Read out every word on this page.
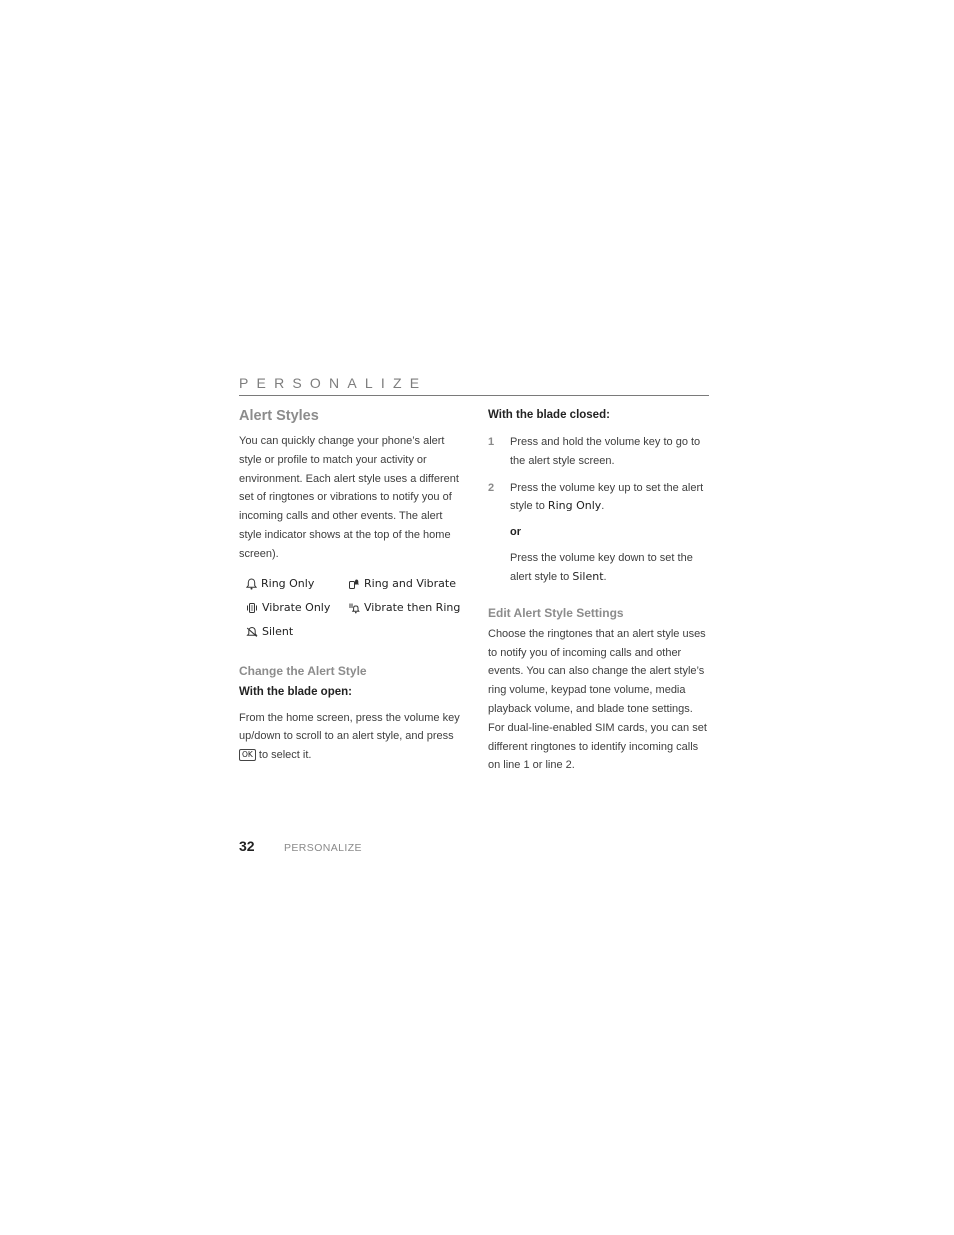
PERSONALIZE
Alert Styles

You can quickly change your phone’s alert style or profile to match your activity or environment. Each alert style uses a different set of ringtones or vibrations to notify you of incoming calls and other events. The alert style indicator shows at the top of the home screen).

Ring Only	Ring and Vibrate
Vibrate Only	Vibrate then Ring
Silent
Change the Alert Style
With the blade open:

From the home screen, press the volume key up/down to scroll to an alert style, and press OK to select it.

With the blade closed:
1	Press and hold the volume key to go to the alert style screen.

2	Press the volume key up to set the alert style to Ring Only.

or

Press the volume key down to set the alert style to Silent.

Edit Alert Style Settings

Choose the ringtones that an alert style uses to notify you of incoming calls and other events. You can also change the alert style’s ring volume, keypad tone volume, media playback volume, and blade tone settings. For dual-line-enabled SIM cards, you can set different ringtones to identify incoming calls on line 1 or line 2.

32	PERSONALIZE
